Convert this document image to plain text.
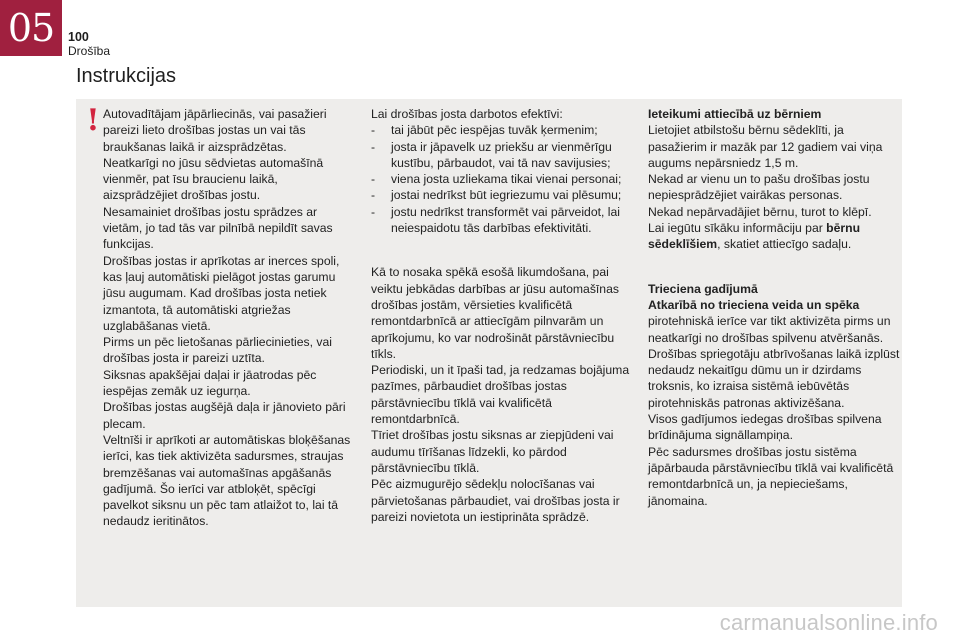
05 100
Drošība
Instrukcijas
! Autovadītājam jāpārliecinās, vai pasažieri pareizi lieto drošības jostas un vai tās braukšanas laikā ir aizsprādzētas.

Neatkarīgi no jūsu sēdvietas automašīnā vienmēr, pat īsu braucienu laikā, aizsprādzējiet drošības jostu.

Nesamainiet drošības jostu sprādzes ar vietām, jo tad tās var pilnībā nepildīt savas funkcijas.

Drošības jostas ir aprīkotas ar inerces spoli, kas ļauj automātiski pielāgot jostas garumu jūsu augumam. Kad drošības josta netiek izmantota, tā automātiski atgriežas uzglabāšanas vietā.

Pirms un pēc lietošanas pārliecinieties, vai drošības josta ir pareizi uztīta.

Siksnas apakšējai daļai ir jāatrodas pēc iespējas zemāk uz iegurņa.

Drošības jostas augšējā daļa ir jānovieto pāri plecam.

Veltnīši ir aprīkoti ar automātiskas bloķēšanas ierīci, kas tiek aktivizēta sadursmes, straujas bremzēšanas vai automašīnas apgāšanās gadījumā. Šo ierīci var atbloķēt, spēcīgi pavelkot siksnu un pēc tam atlaižot to, lai tā nedaudz ieritinātos.

Lai drošības josta darbotos efektīvi:

- tai jābūt pēc iespējas tuvāk ķermenim;

- josta ir jāpavelk uz priekšu ar vienmērīgu kustību, pārbaudot, vai tā nav savijusies;

- viena josta uzliekama tikai vienai personai;

- jostai nedrīkst būt iegriezumu vai plēsumu;

- jostu nedrīkst transformēt vai pārveidot, lai neiespaidotu tās darbības efektivitāti.

Kā to nosaka spēkā esošā likumdošana, pai veiktu jebkādas darbības ar jūsu automašīnas drošības jostām, vērsieties kvalificētā remontdarbnīcā ar attiecīgām pilnvarām un aprīkojumu, ko var nodrošināt pārstāvniecību tīkls.

Periodiski, un it īpaši tad, ja redzamas bojājuma pazīmes, pārbaudiet drošības jostas pārstāvniecību tīklā vai kvalificētā remontdarbnīcā.

Tīriet drošības jostu siksnas ar ziepjūdeni vai audumu tīrīšanas līdzekli, ko pārdod pārstāvniecību tīklā.

Pēc aizmugurējo sēdekļu nolocīšanas vai pārvietošanas pārbaudiet, vai drošības josta ir pareizi novietota un iestiprināta sprādzē.

Ieteikumi attiecībā uz bērniem

Lietojiet atbilstošu bērnu sēdeklīti, ja pasažierim ir mazāk par 12 gadiem vai viņa augums nepārsniedz 1,5 m.

Nekad ar vienu un to pašu drošības jostu nepiesprādzējiet vairākas personas.

Nekad nepārvadājiet bērnu, turot to klēpī.

Lai iegūtu sīkāku informāciju par bērnu sēdeklīšiem, skatiet attiecīgo sadaļu.

Trieciena gadījumā

Atkarībā no trieciena veida un spēka

pirotehniskā ierīce var tikt aktivizēta pirms un neatkarīgi no drošības spilvenu atvēršanās. Drošības spriegotāju atbrīvošanas laikā izplūst nedaudz nekaitīgu dūmu un ir dzirdams troksnis, ko izraisa sistēmā iebūvētās pirotehniskās patronas aktivizēšana.

Visos gadījumos iedegas drošības spilvena brīdinājuma signāllampiņa.

Pēc sadursmes drošības jostu sistēma jāpārbauda pārstāvniecību tīklā vai kvalificētā remontdarbnīcā un, ja nepieciešams, jānomaina.

carmanualsonline.info
